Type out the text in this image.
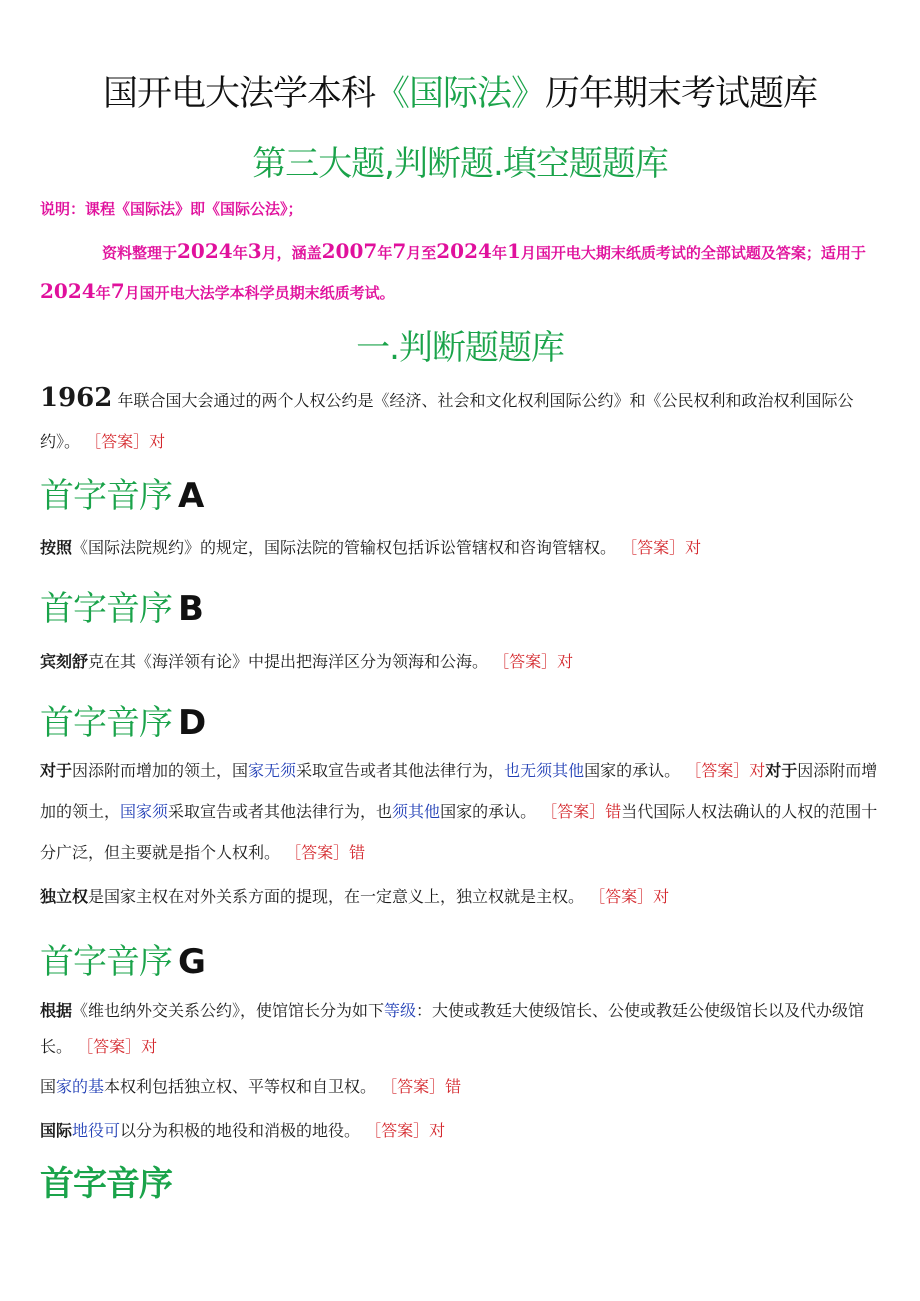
国开电大法学本科《国际法》历年期末考试题库
第三大题,判断题.填空题题库
说明：课程《国际法》即《国际公法》；
资料整理于2024年3月，涵盖2007年7月至2024年1月国开电大期末纸质考试的全部试题及答案；适用于2024年7月国开电大法学本科学员期末纸质考试。
一.判断题题库
1962 年联合国大会通过的两个人权公约是《经济、社会和文化权利国际公约》和《公民权利和政治权利国际公约》。 ［答案］对
首字音序 A
按照《国际法院规约》的规定，国际法院的管输权包括诉讼管辖权和咨询管辖权。 ［答案］对
首字音序 B
宾刻舒克在其《海洋领有论》中提出把海洋区分为领海和公海。 ［答案］对
首字音序 D
对于因添附而增加的领土，国家无须采取宣告或者其他法律行为，也无须其他国家的承认。 ［答案］对对于因添附而增加的领土，国家须采取宣告或者其他法律行为，也须其他国家的承认。 ［答案］错当代国际人权法确认的人权的范围十分广泛，但主要就是指个人权利。 ［答案］错
独立权是国家主权在对外关系方面的提现，在一定意义上，独立权就是主权。 ［答案］对
首字音序 G
根据《维也纳外交关系公约》，使馆馆长分为如下等级：大使或教廷大使级馆长、公使或教廷公使级馆长以及代办级馆长。 ［答案］对
国家的基本权利包括独立权、平等权和自卫权。 ［答案］错
国际地役可以分为积极的地役和消极的地役。 ［答案］对
首字音序
